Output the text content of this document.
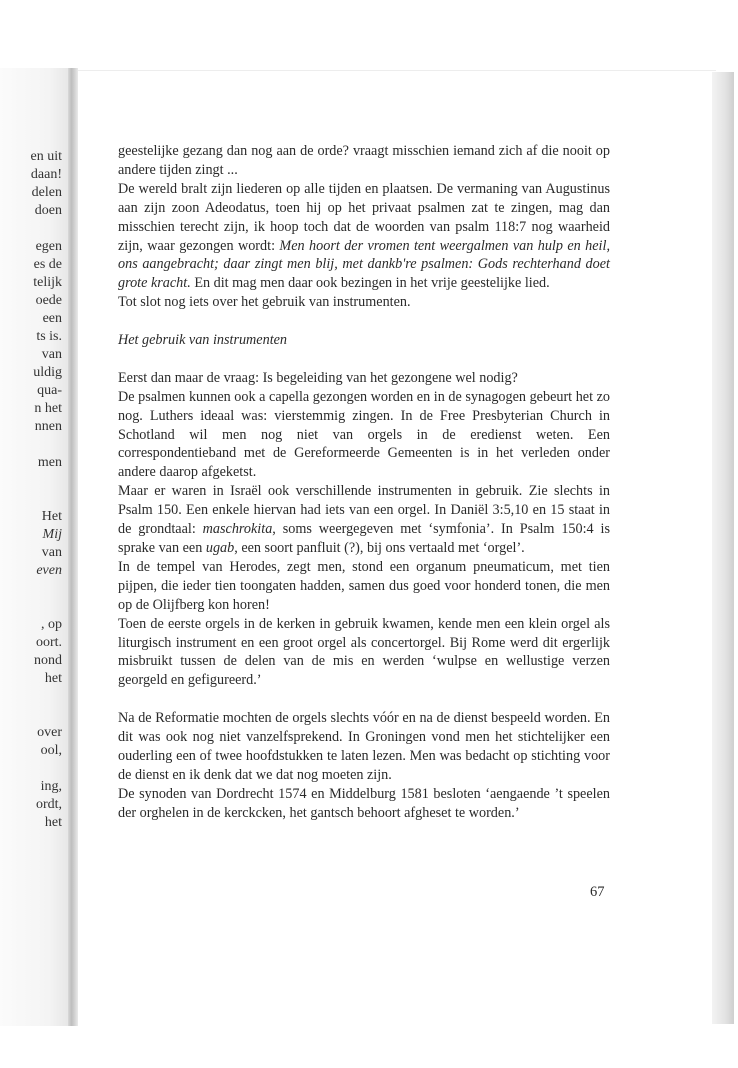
en uit
daan!
delen
doen
egen
es de
telijk
oede
een
ts is.
van
uldig
qua-
n het
nnen
men
Het
Mij
van
even
, op
oort.
nond
het
over
ool,
ing,
ordt,
het

geestelijke gezang dan nog aan de orde? vraagt misschien iemand zich af die nooit op andere tijden zingt ...

De wereld bralt zijn liederen op alle tijden en plaatsen. De vermaning van Augustinus aan zijn zoon Adeodatus, toen hij op het privaat psalmen zat te zingen, mag dan misschien terecht zijn, ik hoop toch dat de woorden van psalm 118:7 nog waarheid zijn, waar gezongen wordt: Men hoort der vromen tent weergalmen van hulp en heil, ons aangebracht; daar zingt men blij, met dankb're psalmen: Gods rechterhand doet grote kracht. En dit mag men daar ook bezingen in het vrije geestelijke lied.

Tot slot nog iets over het gebruik van instrumenten.

Het gebruik van instrumenten

Eerst dan maar de vraag: Is begeleiding van het gezongene wel nodig?

De psalmen kunnen ook a capella gezongen worden en in de synagogen gebeurt het zo nog. Luthers ideaal was: vierstemmig zingen. In de Free Presbyterian Church in Schotland wil men nog niet van orgels in de eredienst weten. Een correspondentieband met de Gereformeerde Gemeenten is in het verleden onder andere daarop afgeketst.

Maar er waren in Israël ook verschillende instrumenten in gebruik. Zie slechts in Psalm 150. Een enkele hiervan had iets van een orgel. In Daniël 3:5,10 en 15 staat in de grondtaal: maschrokita, soms weergegeven met ‘symfonia’. In Psalm 150:4 is sprake van een ugab, een soort panfluit (?), bij ons vertaald met ‘orgel’.

In de tempel van Herodes, zegt men, stond een organum pneumaticum, met tien pijpen, die ieder tien toongaten hadden, samen dus goed voor honderd tonen, die men op de Olijfberg kon horen!

Toen de eerste orgels in de kerken in gebruik kwamen, kende men een klein orgel als liturgisch instrument en een groot orgel als concertorgel. Bij Rome werd dit ergerlijk misbruikt tussen de delen van de mis en werden ‘wulpse en wellustige verzen georgeld en gefigureerd.’

Na de Reformatie mochten de orgels slechts vóór en na de dienst bespeeld worden. En dit was ook nog niet vanzelfsprekend. In Groningen vond men het stichtelijker een ouderling een of twee hoofdstukken te laten lezen. Men was bedacht op stichting voor de dienst en ik denk dat we dat nog moeten zijn.

De synoden van Dordrecht 1574 en Middelburg 1581 besloten ‘aengaende ’t speelen der orghelen in de kerckcken, het gantsch behoort afgheset te worden.’

67
